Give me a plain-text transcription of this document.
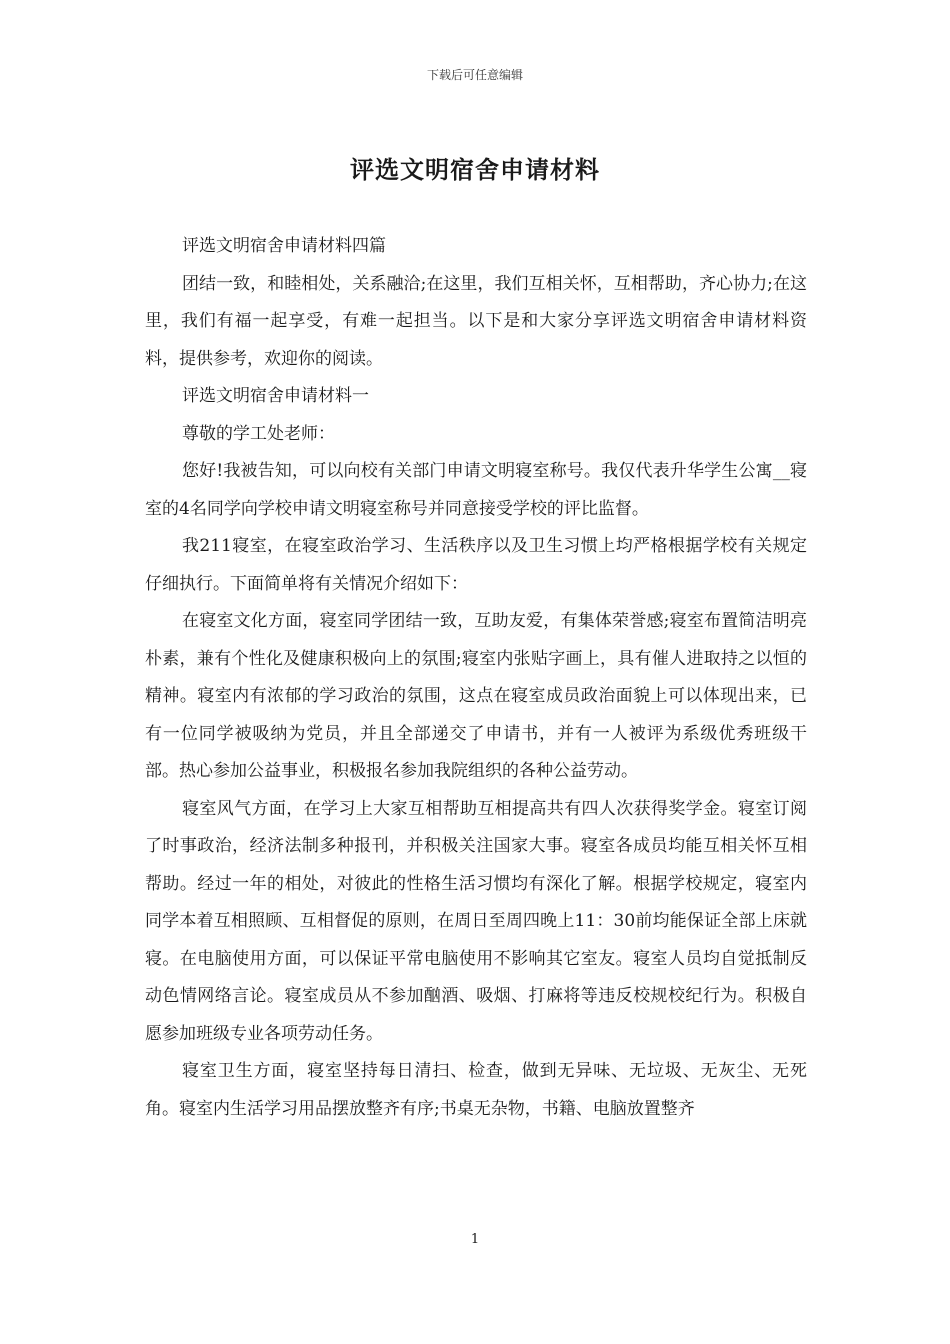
下载后可任意编辑
评选文明宿舍申请材料

评选文明宿舍申请材料四篇

团结一致，和睦相处，关系融洽;在这里，我们互相关怀，互相帮助，齐心协力;在这里，我们有福一起享受，有难一起担当。以下是和大家分享评选文明宿舍申请材料资料，提供参考，欢迎你的阅读。

评选文明宿舍申请材料一

尊敬的学工处老师：

您好!我被告知，可以向校有关部门申请文明寝室称号。我仅代表升华学生公寓__寝室的4名同学向学校申请文明寝室称号并同意接受学校的评比监督。

我211寝室，在寝室政治学习、生活秩序以及卫生习惯上均严格根据学校有关规定仔细执行。下面简单将有关情况介绍如下：

在寝室文化方面，寝室同学团结一致，互助友爱，有集体荣誉感;寝室布置简洁明亮朴素，兼有个性化及健康积极向上的氛围;寝室内张贴字画上，具有催人进取持之以恒的精神。寝室内有浓郁的学习政治的氛围，这点在寝室成员政治面貌上可以体现出来，已有一位同学被吸纳为党员，并且全部递交了申请书，并有一人被评为系级优秀班级干部。热心参加公益事业，积极报名参加我院组织的各种公益劳动。

寝室风气方面，在学习上大家互相帮助互相提高共有四人次获得奖学金。寝室订阅了时事政治，经济法制多种报刊，并积极关注国家大事。寝室各成员均能互相关怀互相帮助。经过一年的相处，对彼此的性格生活习惯均有深化了解。根据学校规定，寝室内同学本着互相照顾、互相督促的原则，在周日至周四晚上11：30前均能保证全部上床就寝。在电脑使用方面，可以保证平常电脑使用不影响其它室友。寝室人员均自觉抵制反动色情网络言论。寝室成员从不参加酗酒、吸烟、打麻将等违反校规校纪行为。积极自愿参加班级专业各项劳动任务。

寝室卫生方面，寝室坚持每日清扫、检查，做到无异味、无垃圾、无灰尘、无死角。寝室内生活学习用品摆放整齐有序;书桌无杂物，书籍、电脑放置整齐

1
